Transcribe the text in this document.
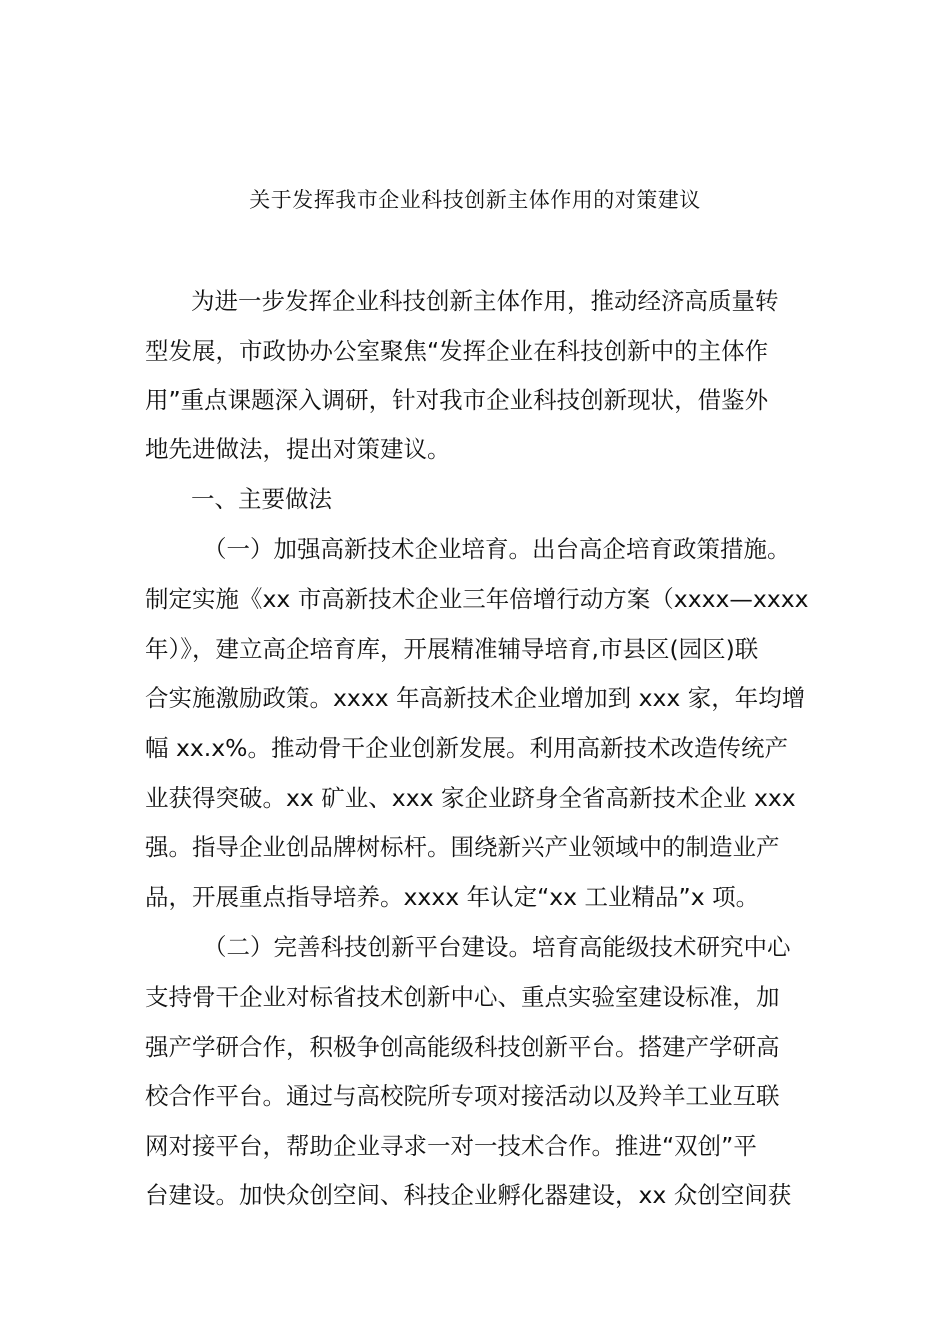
关于发挥我市企业科技创新主体作用的对策建议

为进一步发挥企业科技创新主体作用，推动经济高质量转

型发展，市政协办公室聚焦“发挥企业在科技创新中的主体作

用”重点课题深入调研，针对我市企业科技创新现状，借鉴外

地先进做法，提出对策建议。

一、主要做法

（一）加强高新技术企业培育。出台高企培育政策措施。

制定实施《xx 市高新技术企业三年倍增行动方案（xxxx—xxxx

年）》，建立高企培育库，开展精准辅导培育,市县区(园区)联

合实施激励政策。xxxx 年高新技术企业增加到 xxx 家，年均增

幅 xx.x%。推动骨干企业创新发展。利用高新技术改造传统产

业获得突破。xx 矿业、xxx 家企业跻身全省高新技术企业 xxx

强。指导企业创品牌树标杆。围绕新兴产业领域中的制造业产

品，开展重点指导培养。xxxx 年认定“xx 工业精品”x 项。

（二）完善科技创新平台建设。培育高能级技术研究中心

支持骨干企业对标省技术创新中心、重点实验室建设标准，加

强产学研合作，积极争创高能级科技创新平台。搭建产学研高

校合作平台。通过与高校院所专项对接活动以及羚羊工业互联

网对接平台，帮助企业寻求一对一技术合作。推进“双创”平

台建设。加快众创空间、科技企业孵化器建设，xx 众创空间获
